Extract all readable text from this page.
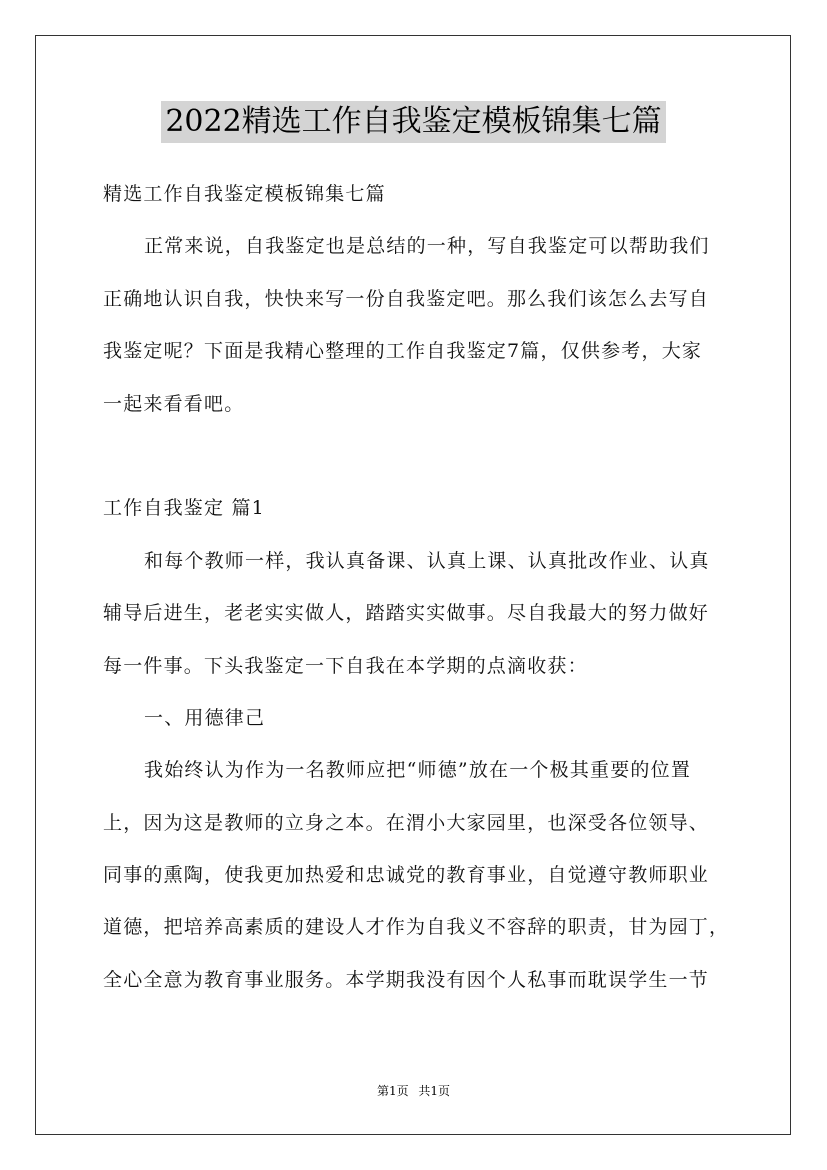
2022精选工作自我鉴定模板锦集七篇
精选工作自我鉴定模板锦集七篇
正常来说，自我鉴定也是总结的一种，写自我鉴定可以帮助我们
正确地认识自我，快快来写一份自我鉴定吧。那么我们该怎么去写自
我鉴定呢？下面是我精心整理的工作自我鉴定7篇，仅供参考，大家
一起来看看吧。
工作自我鉴定 篇1
和每个教师一样，我认真备课、认真上课、认真批改作业、认真
辅导后进生，老老实实做人，踏踏实实做事。尽自我最大的努力做好
每一件事。下头我鉴定一下自我在本学期的点滴收获：
一、用德律己
我始终认为作为一名教师应把“师德”放在一个极其重要的位置
上，因为这是教师的立身之本。在渭小大家园里，也深受各位领导、
同事的熏陶，使我更加热爱和忠诚党的教育事业，自觉遵守教师职业
道德，把培养高素质的建设人才作为自我义不容辞的职责，甘为园丁，
全心全意为教育事业服务。本学期我没有因个人私事而耽误学生一节
第1页 共1页
